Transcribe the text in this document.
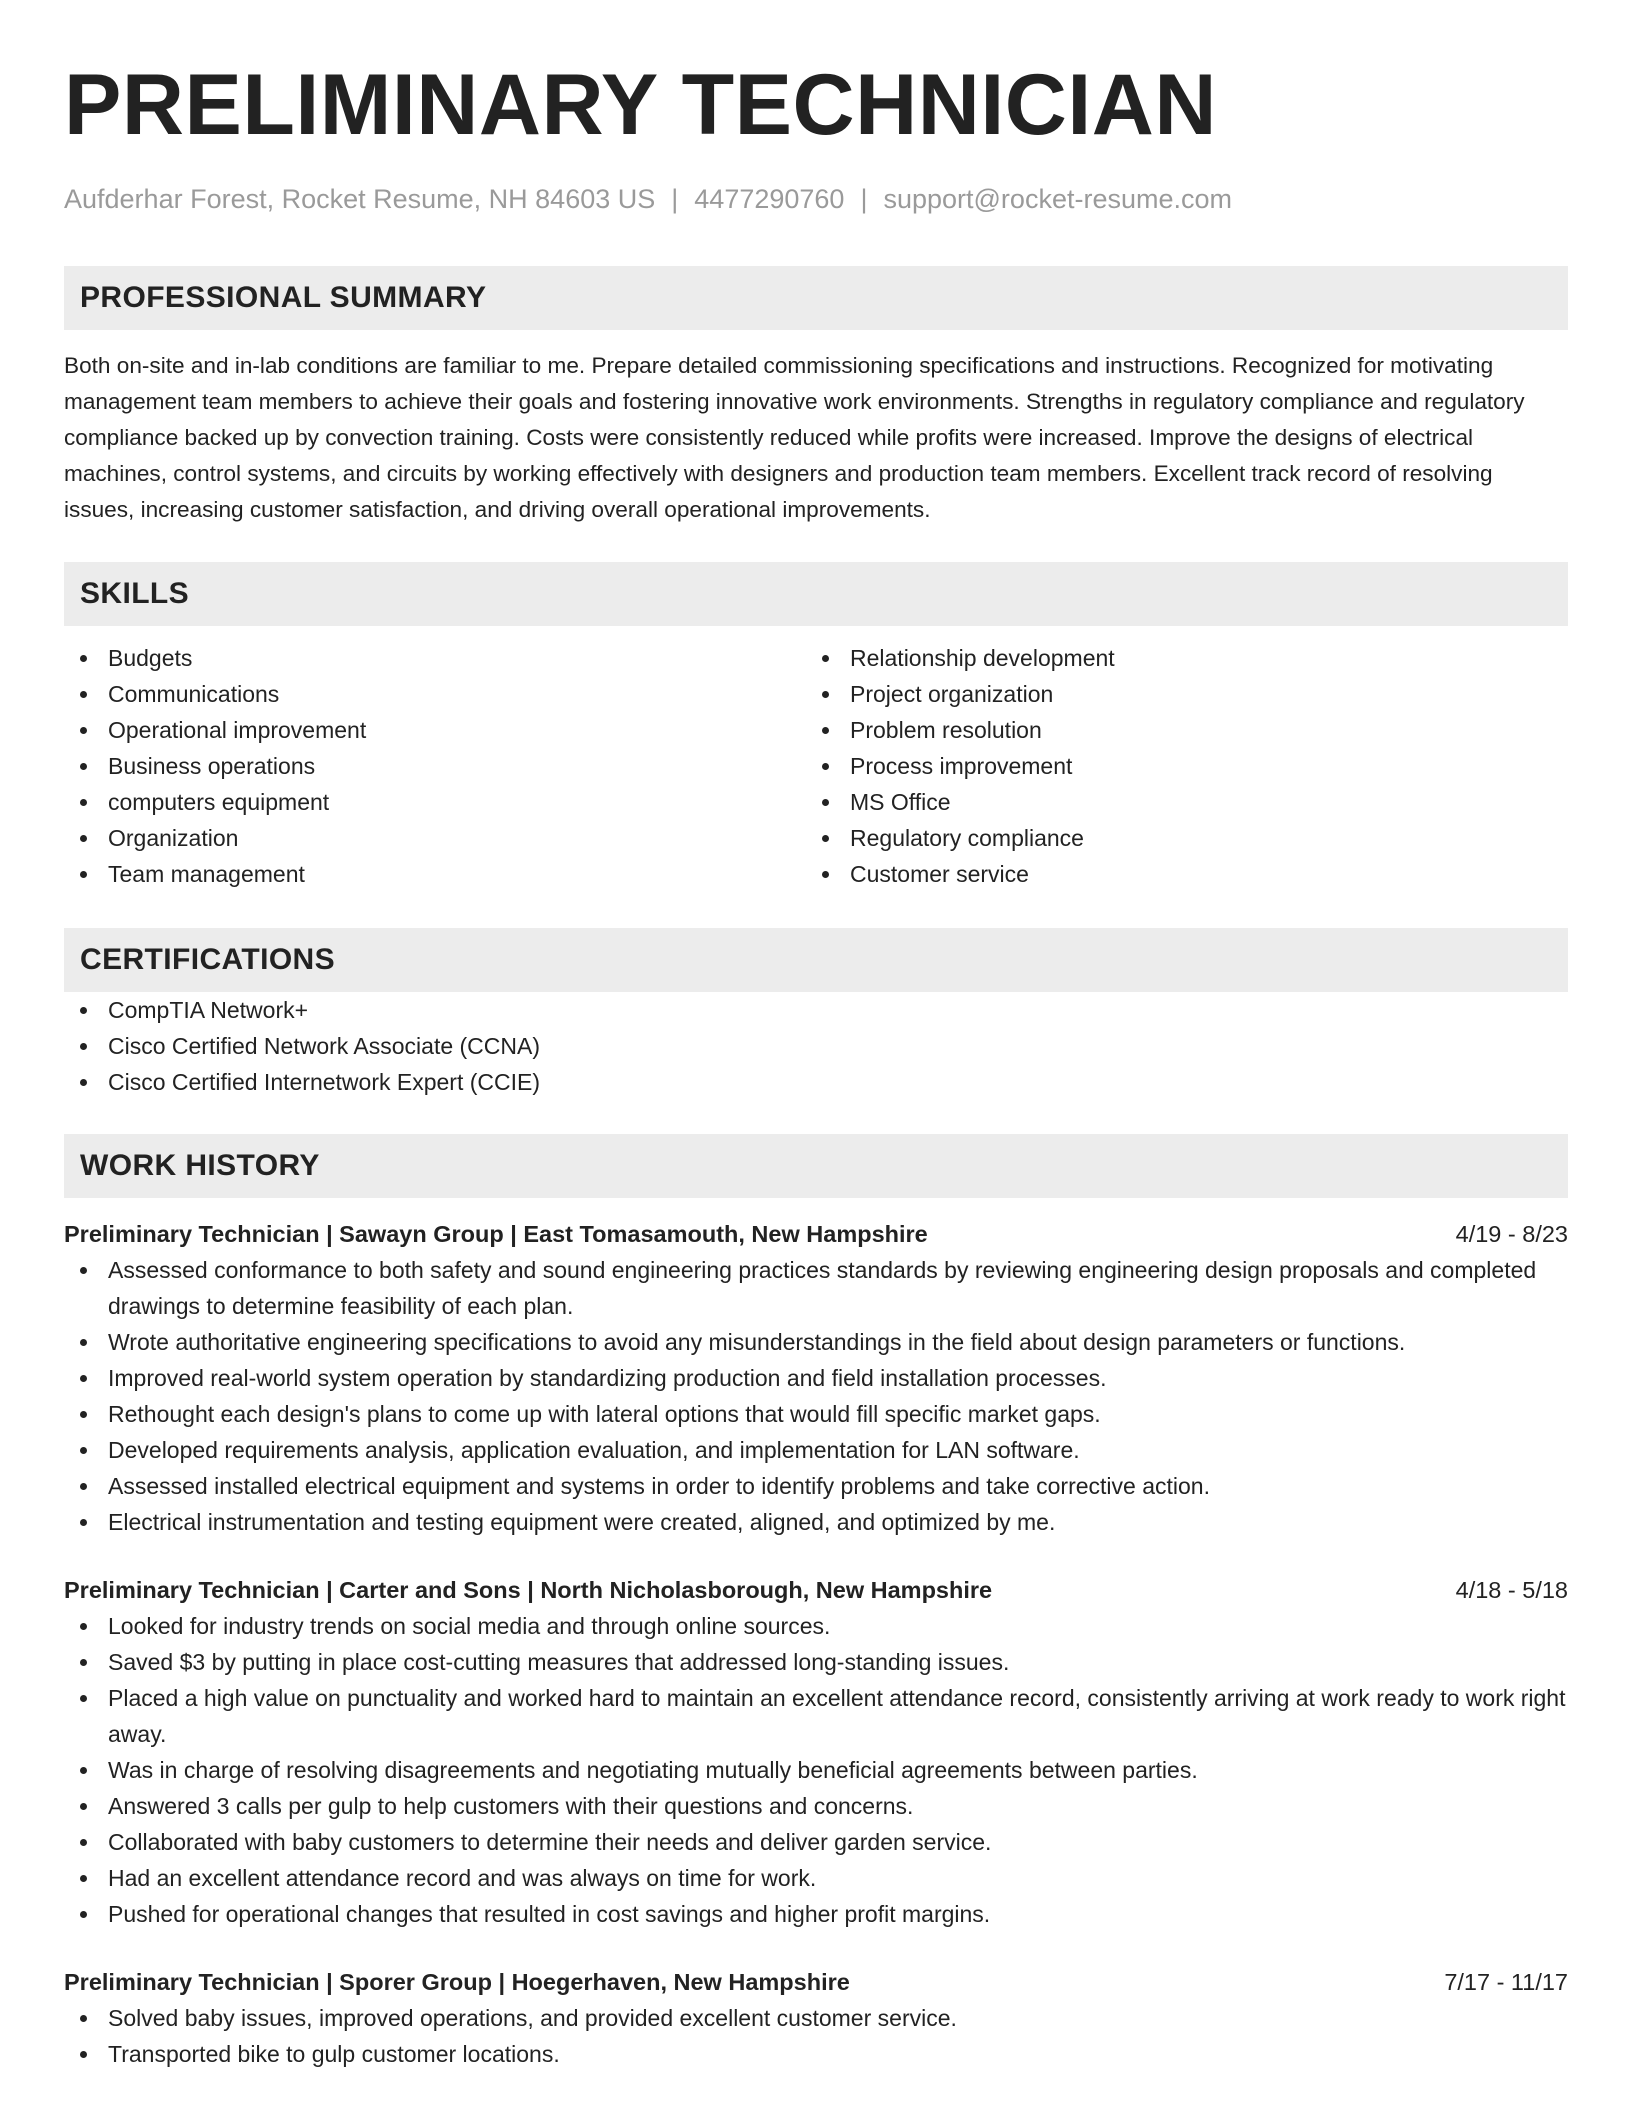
PRELIMINARY TECHNICIAN
Aufderhar Forest, Rocket Resume, NH 84603 US | 4477290760 | support@rocket-resume.com
PROFESSIONAL SUMMARY

Both on-site and in-lab conditions are familiar to me. Prepare detailed commissioning specifications and instructions. Recognized for motivating management team members to achieve their goals and fostering innovative work environments. Strengths in regulatory compliance and regulatory compliance backed up by convection training. Costs were consistently reduced while profits were increased. Improve the designs of electrical machines, control systems, and circuits by working effectively with designers and production team members. Excellent track record of resolving issues, increasing customer satisfaction, and driving overall operational improvements.

SKILLS
Budgets
Communications
Operational improvement
Business operations
computers equipment
Organization
Team management
Relationship development
Project organization
Problem resolution
Process improvement
MS Office
Regulatory compliance
Customer service
CERTIFICATIONS
CompTIA Network+
Cisco Certified Network Associate (CCNA)
Cisco Certified Internetwork Expert (CCIE)
WORK HISTORY
Preliminary Technician | Sawayn Group | East Tomasamouth, New Hampshire	4/19 - 8/23
Assessed conformance to both safety and sound engineering practices standards by reviewing engineering design proposals and completed drawings to determine feasibility of each plan.
Wrote authoritative engineering specifications to avoid any misunderstandings in the field about design parameters or functions.
Improved real-world system operation by standardizing production and field installation processes.
Rethought each design's plans to come up with lateral options that would fill specific market gaps.
Developed requirements analysis, application evaluation, and implementation for LAN software.
Assessed installed electrical equipment and systems in order to identify problems and take corrective action.
Electrical instrumentation and testing equipment were created, aligned, and optimized by me.
Preliminary Technician | Carter and Sons | North Nicholasborough, New Hampshire	4/18 - 5/18
Looked for industry trends on social media and through online sources.
Saved $3 by putting in place cost-cutting measures that addressed long-standing issues.
Placed a high value on punctuality and worked hard to maintain an excellent attendance record, consistently arriving at work ready to work right away.
Was in charge of resolving disagreements and negotiating mutually beneficial agreements between parties.
Answered 3 calls per gulp to help customers with their questions and concerns.
Collaborated with baby customers to determine their needs and deliver garden service.
Had an excellent attendance record and was always on time for work.
Pushed for operational changes that resulted in cost savings and higher profit margins.
Preliminary Technician | Sporer Group | Hoegerhaven, New Hampshire	7/17 - 11/17
Solved baby issues, improved operations, and provided excellent customer service.
Transported bike to gulp customer locations.
